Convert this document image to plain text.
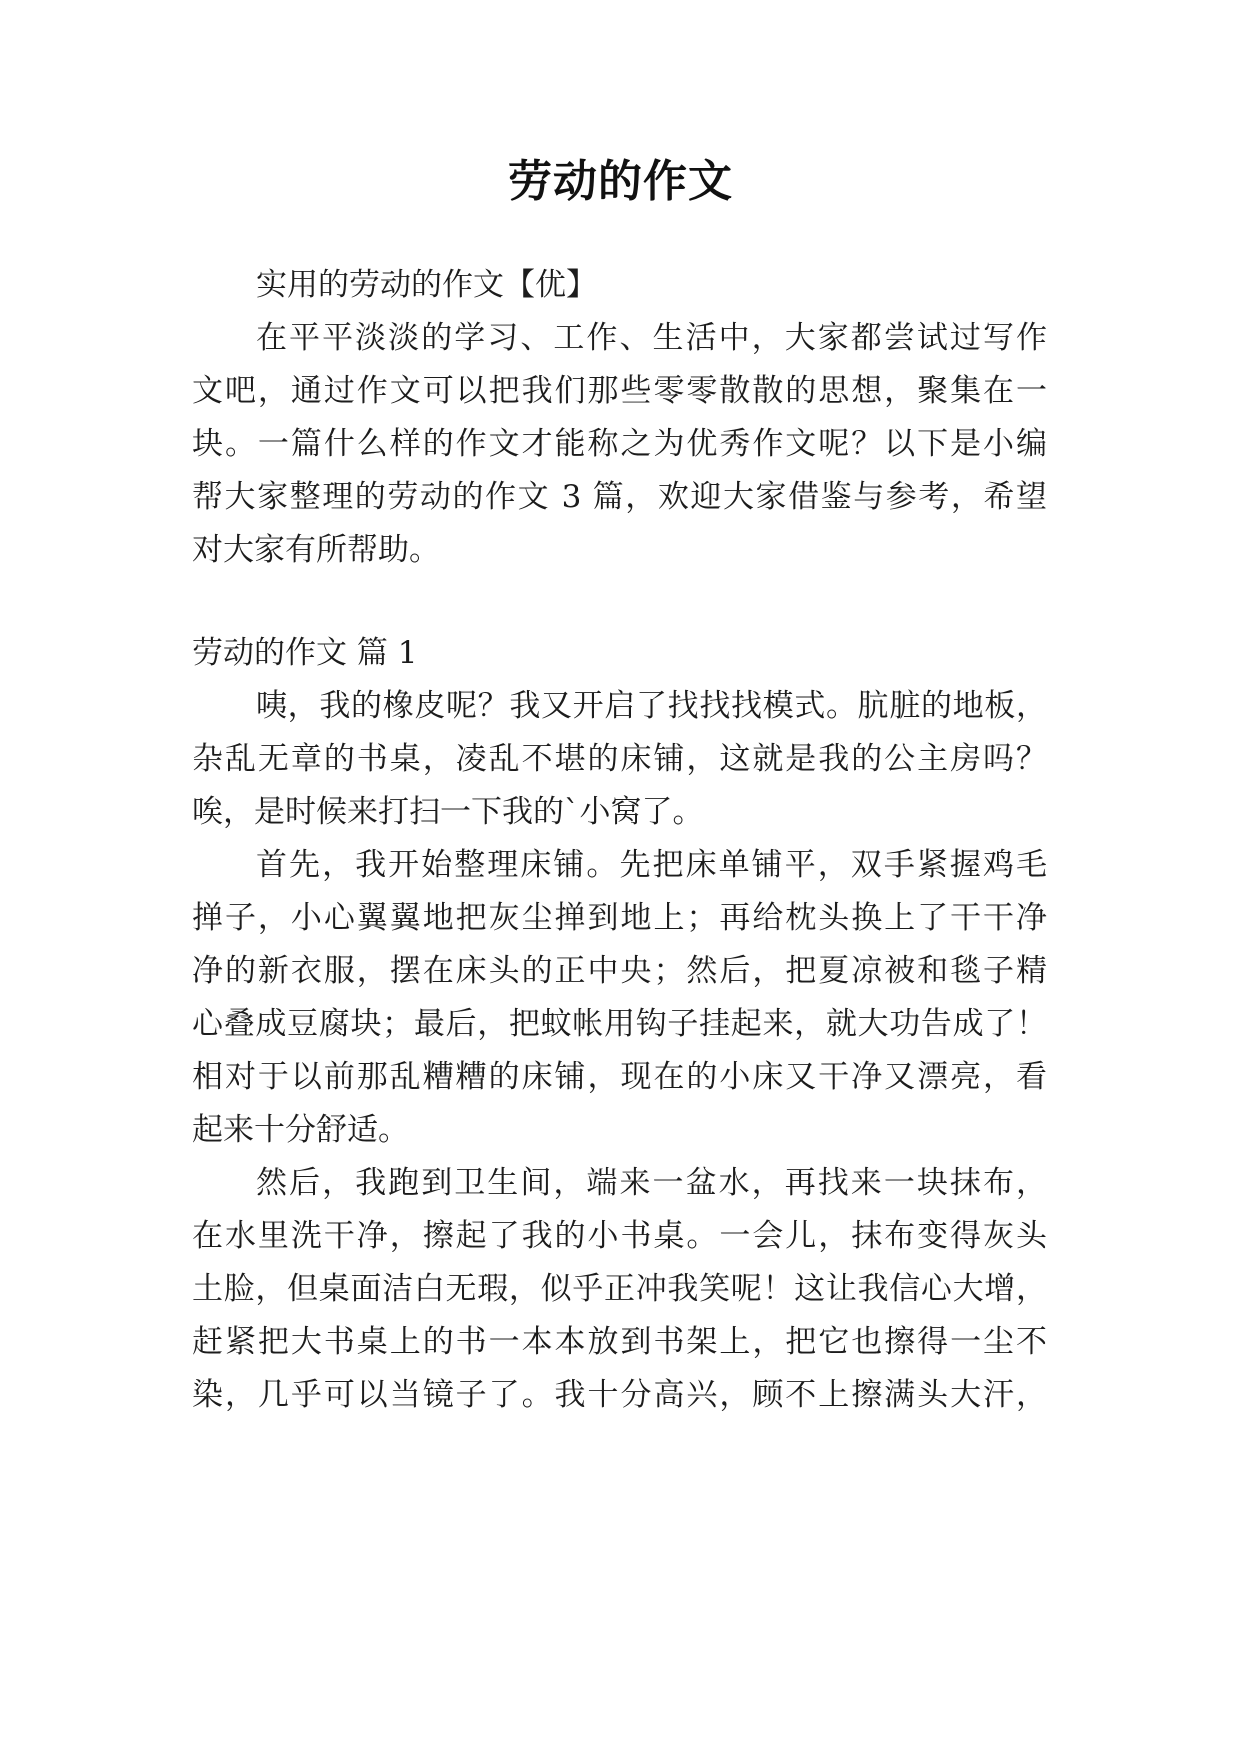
劳动的作文
实用的劳动的作文【优】
在平平淡淡的学习、工作、生活中，大家都尝试过写作
文吧，通过作文可以把我们那些零零散散的思想，聚集在一
块。一篇什么样的作文才能称之为优秀作文呢？以下是小编
帮大家整理的劳动的作文 3 篇，欢迎大家借鉴与参考，希望
对大家有所帮助。
劳动的作文 篇 1
咦，我的橡皮呢？我又开启了找找找模式。肮脏的地板，
杂乱无章的书桌，凌乱不堪的床铺，这就是我的公主房吗？
唉，是时候来打扫一下我的`小窝了。
首先，我开始整理床铺。先把床单铺平，双手紧握鸡毛
掸子，小心翼翼地把灰尘掸到地上；再给枕头换上了干干净
净的新衣服，摆在床头的正中央；然后，把夏凉被和毯子精
心叠成豆腐块；最后，把蚊帐用钩子挂起来，就大功告成了！
相对于以前那乱糟糟的床铺，现在的小床又干净又漂亮，看
起来十分舒适。
然后，我跑到卫生间，端来一盆水，再找来一块抹布，
在水里洗干净，擦起了我的小书桌。一会儿，抹布变得灰头
土脸，但桌面洁白无瑕，似乎正冲我笑呢！这让我信心大增，
赶紧把大书桌上的书一本本放到书架上，把它也擦得一尘不
染，几乎可以当镜子了。我十分高兴，顾不上擦满头大汗，
